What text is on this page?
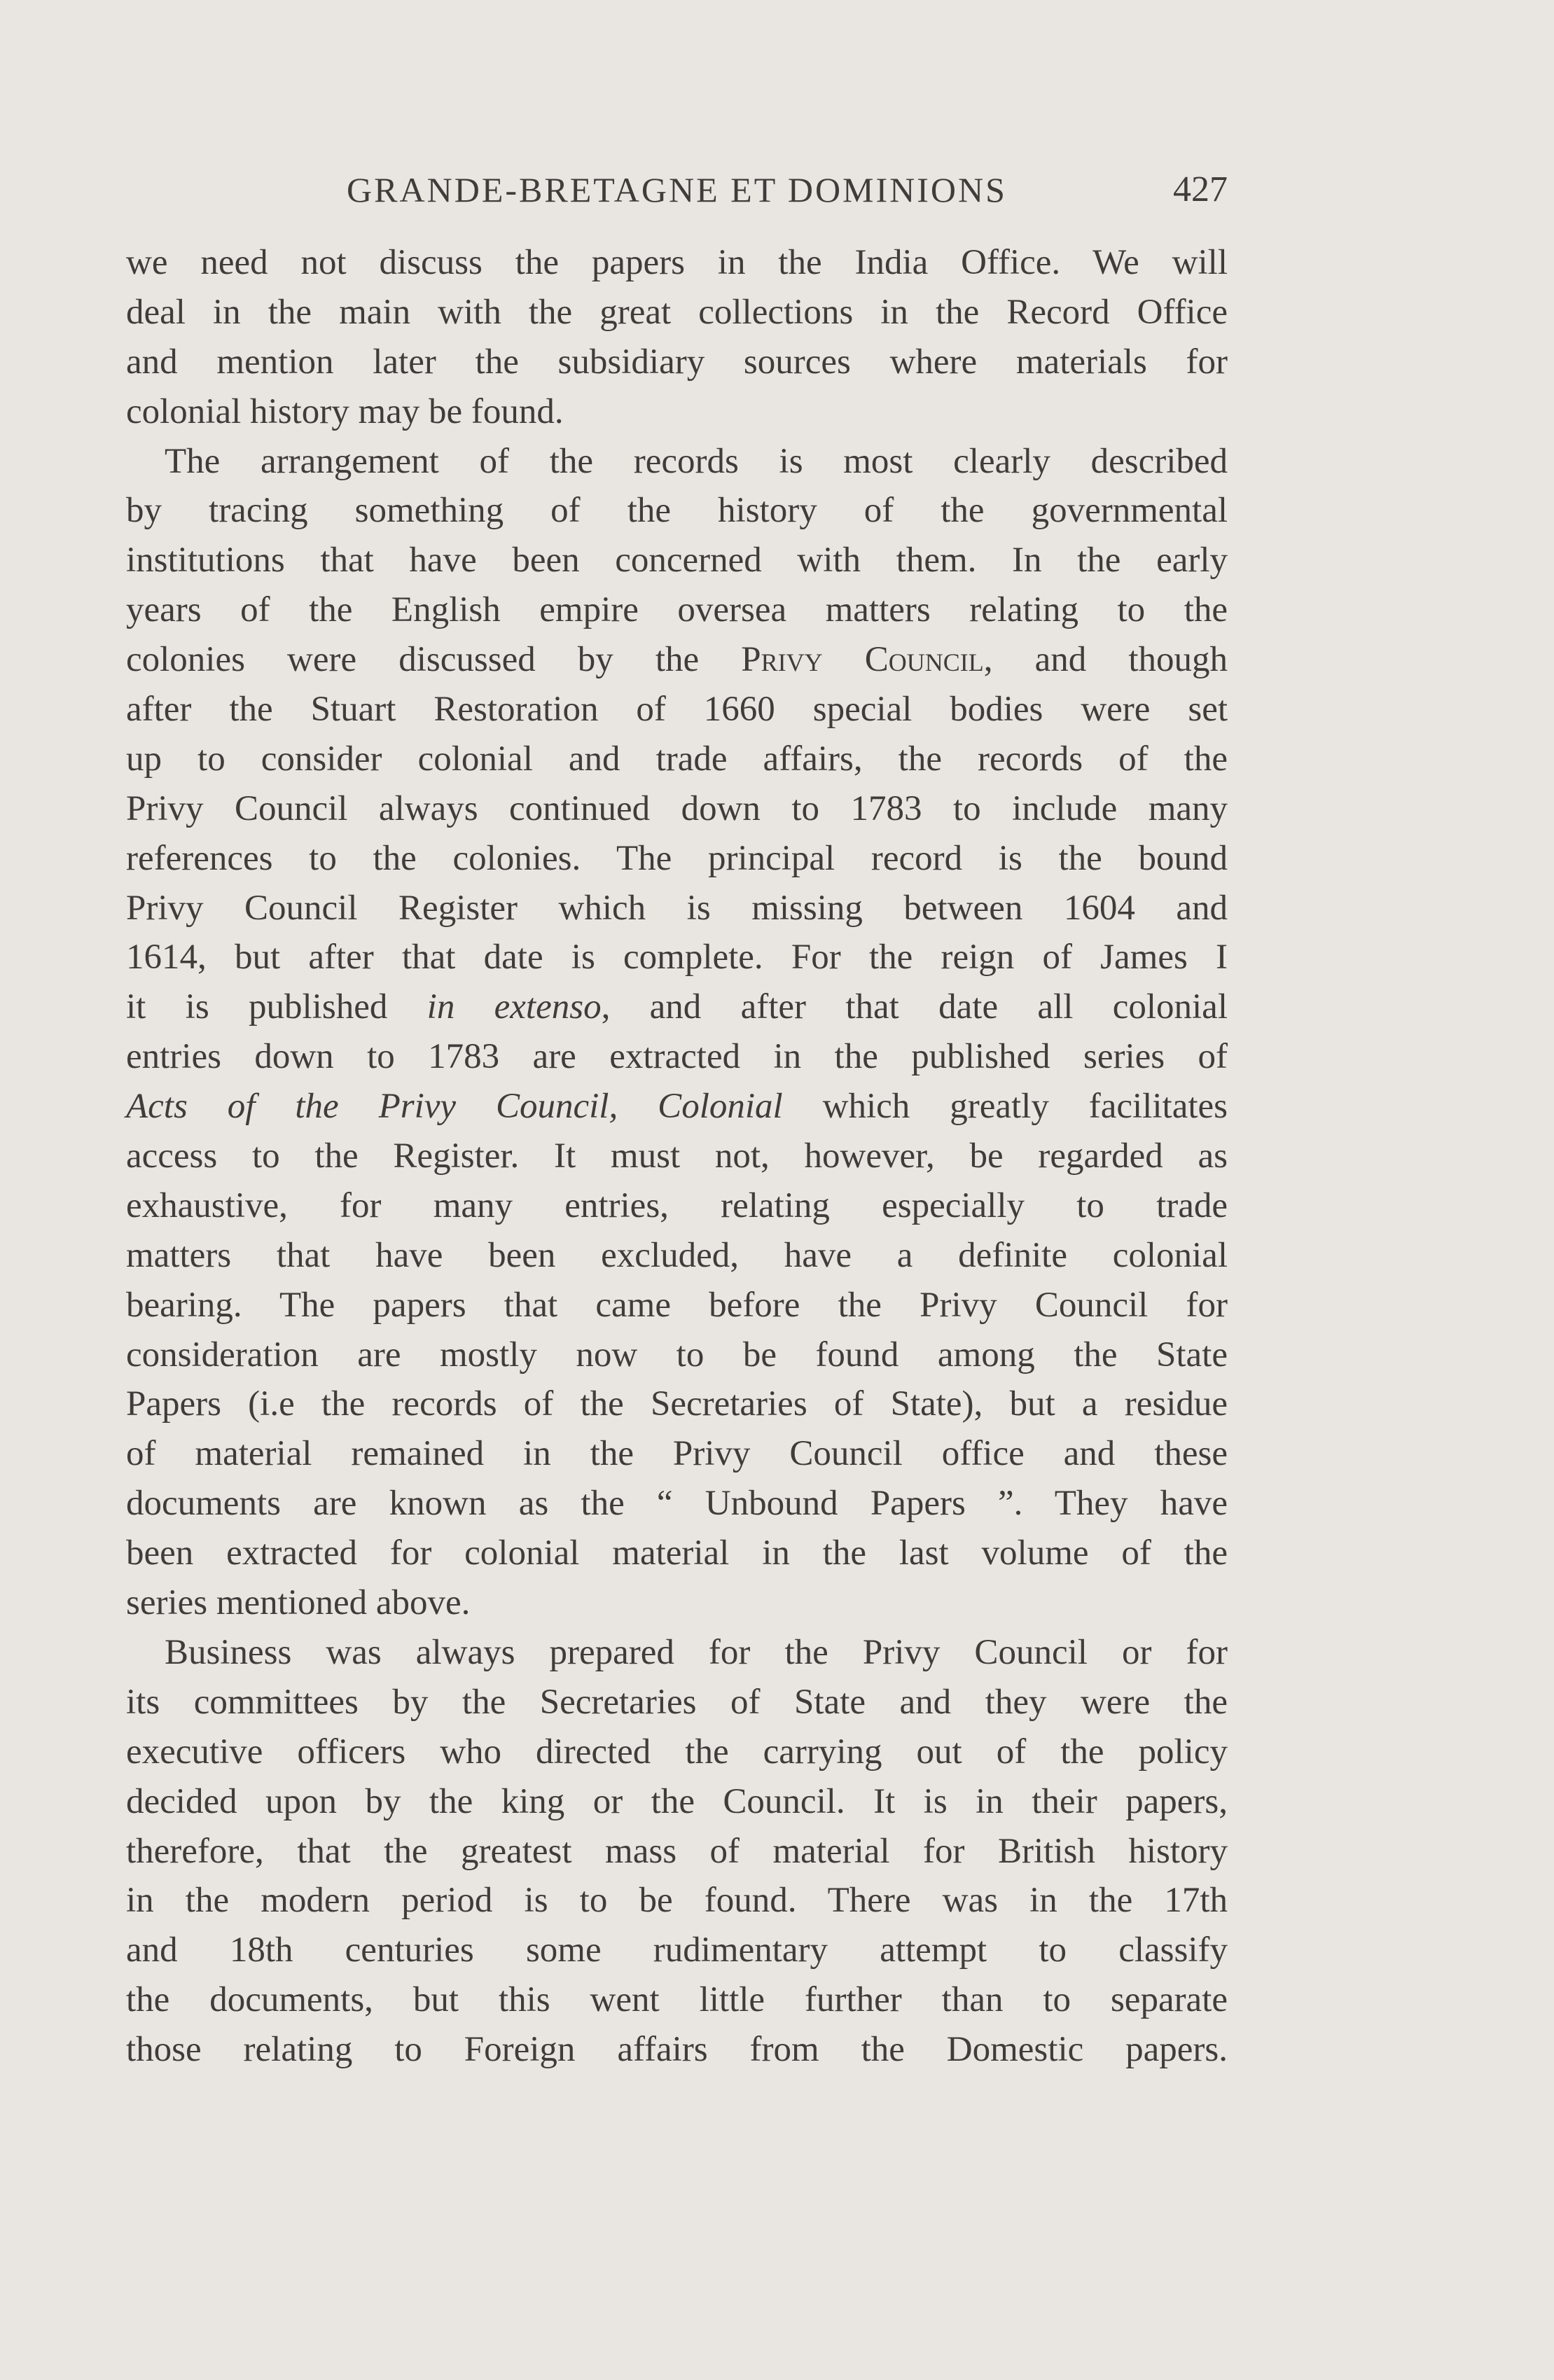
GRANDE-BRETAGNE ET DOMINIONS	427
we need not discuss the papers in the India Office. We will
deal in the main with the great collections in the Record Office
and mention later the subsidiary sources where materials for
colonial history may be found.
The arrangement of the records is most clearly described
by tracing something of the history of the governmental
institutions that have been concerned with them. In the early
years of the English empire oversea matters relating to the
colonies were discussed by the Privy Council, and though
after the Stuart Restoration of 1660 special bodies were set
up to consider colonial and trade affairs, the records of the
Privy Council always continued down to 1783 to include many
references to the colonies. The principal record is the bound
Privy Council Register which is missing between 1604 and
1614, but after that date is complete. For the reign of James I
it is published in extenso, and after that date all colonial
entries down to 1783 are extracted in the published series of
Acts of the Privy Council, Colonial which greatly facilitates
access to the Register. It must not, however, be regarded as
exhaustive, for many entries, relating especially to trade
matters that have been excluded, have a definite colonial
bearing. The papers that came before the Privy Council for
consideration are mostly now to be found among the State
Papers (i.e the records of the Secretaries of State), but a residue
of material remained in the Privy Council office and these
documents are known as the “ Unbound Papers ”. They have
been extracted for colonial material in the last volume of the
series mentioned above.
Business was always prepared for the Privy Council or for
its committees by the Secretaries of State and they were the
executive officers who directed the carrying out of the policy
decided upon by the king or the Council. It is in their papers,
therefore, that the greatest mass of material for British history
in the modern period is to be found. There was in the 17th
and 18th centuries some rudimentary attempt to classify
the documents, but this went little further than to separate
those relating to Foreign affairs from the Domestic papers.
